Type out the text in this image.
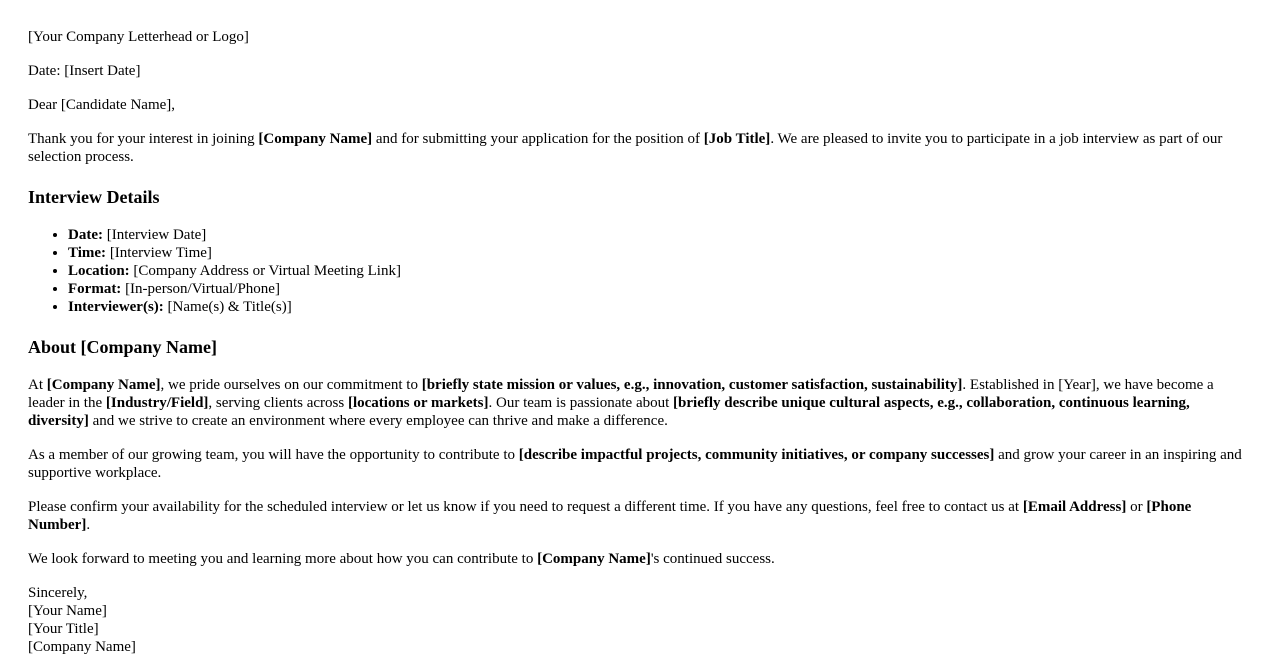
[Your Company Letterhead or Logo]

Date: [Insert Date]

Dear [Candidate Name],

Thank you for your interest in joining [Company Name] and for submitting your application for the position of [Job Title]. We are pleased to invite you to participate in a job interview as part of our selection process.

Interview Details
• Date: [Interview Date]
• Time: [Interview Time]
• Location: [Company Address or Virtual Meeting Link]
• Format: [In-person/Virtual/Phone]
• Interviewer(s): [Name(s) & Title(s)]
About [Company Name]

At [Company Name], we pride ourselves on our commitment to [briefly state mission or values, e.g., innovation, customer satisfaction, sustainability]. Established in [Year], we have become a leader in the [Industry/Field], serving clients across [locations or markets]. Our team is passionate about [briefly describe unique cultural aspects, e.g., collaboration, continuous learning, diversity] and we strive to create an environment where every employee can thrive and make a difference.

As a member of our growing team, you will have the opportunity to contribute to [describe impactful projects, community initiatives, or company successes] and grow your career in an inspiring and supportive workplace.

Please confirm your availability for the scheduled interview or let us know if you need to request a different time. If you have any questions, feel free to contact us at [Email Address] or [Phone Number].

We look forward to meeting you and learning more about how you can contribute to [Company Name]'s continued success.

Sincerely,
[Your Name]
[Your Title]
[Company Name]
